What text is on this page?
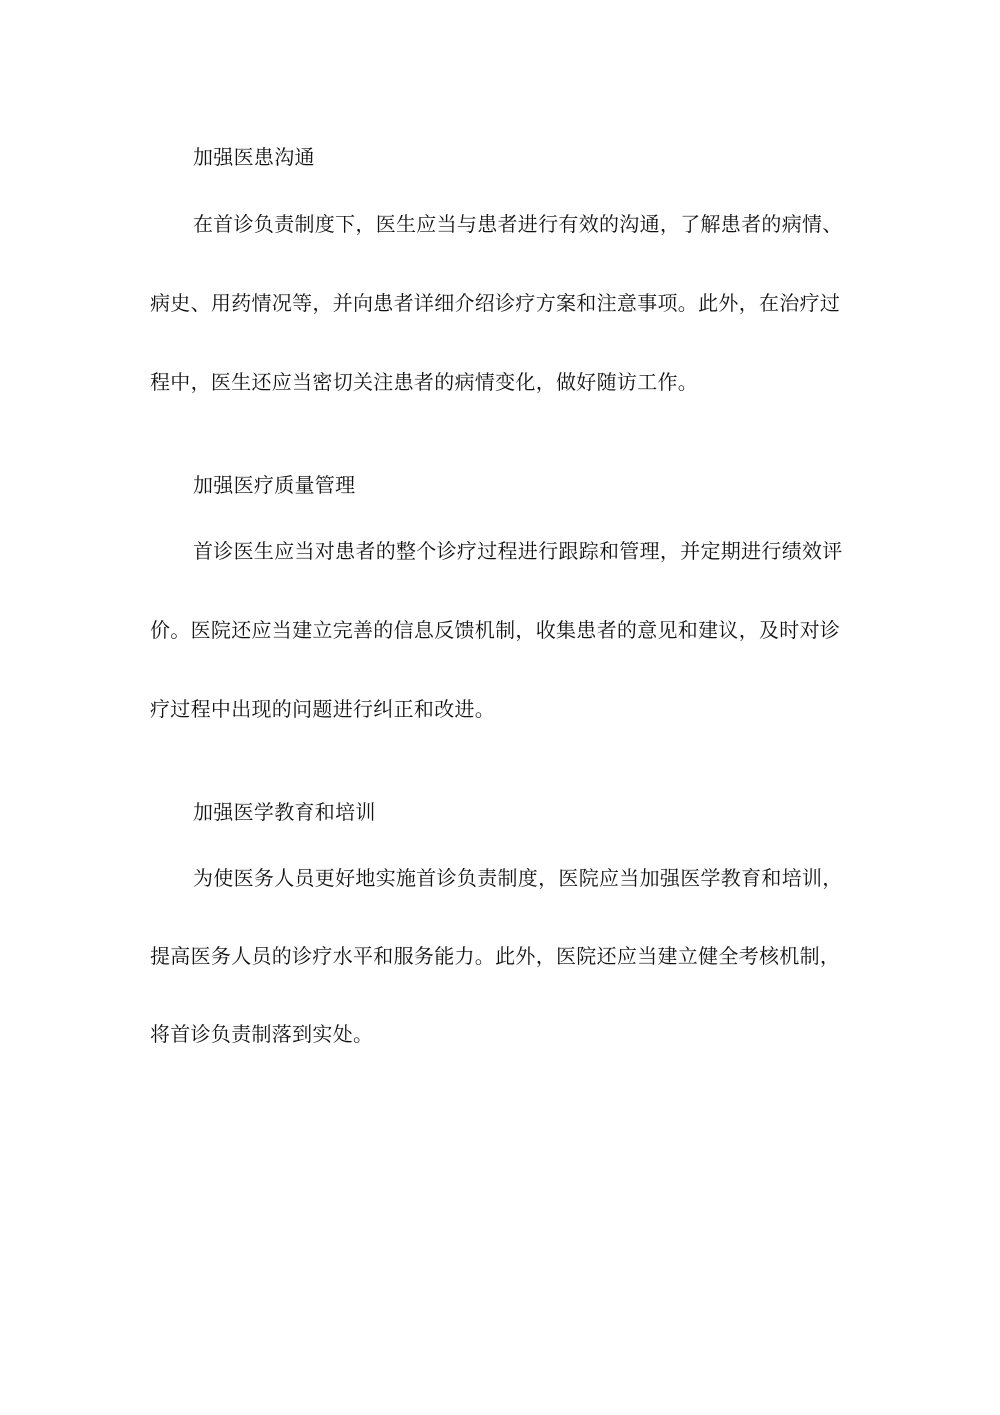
加强医患沟通

在首诊负责制度下，医生应当与患者进行有效的沟通，了解患者的病情、

病史、用药情况等，并向患者详细介绍诊疗方案和注意事项。此外，在治疗过

程中，医生还应当密切关注患者的病情变化，做好随访工作。

加强医疗质量管理

首诊医生应当对患者的整个诊疗过程进行跟踪和管理，并定期进行绩效评

价。医院还应当建立完善的信息反馈机制，收集患者的意见和建议，及时对诊

疗过程中出现的问题进行纠正和改进。

加强医学教育和培训

为使医务人员更好地实施首诊负责制度，医院应当加强医学教育和培训，

提高医务人员的诊疗水平和服务能力。此外，医院还应当建立健全考核机制，

将首诊负责制落到实处。
